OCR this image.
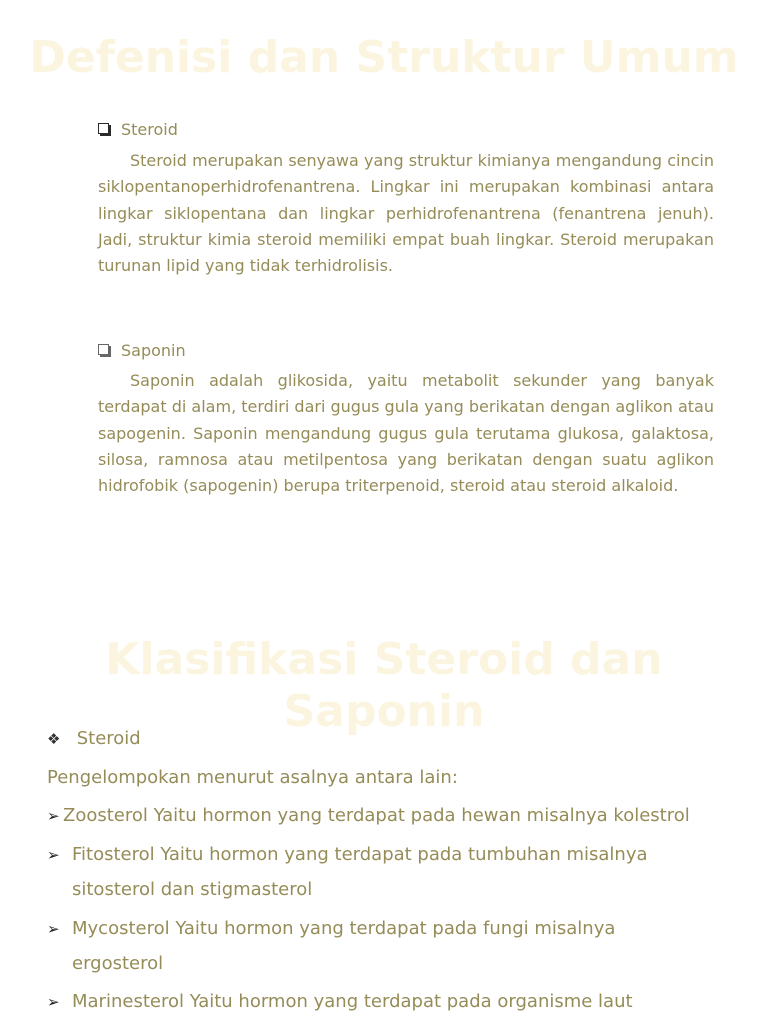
Defenisi dan Struktur Umum
Steroid

Steroid merupakan senyawa yang struktur kimianya mengandung cincin siklopentanoperhidrofenantrena. Lingkar ini merupakan kombinasi antara lingkar siklopentana dan lingkar perhidrofenantrena (fenantrena jenuh). Jadi, struktur kimia steroid memiliki empat buah lingkar. Steroid merupakan turunan lipid yang tidak terhidrolisis.

Saponin

Saponin adalah glikosida, yaitu metabolit sekunder yang banyak terdapat di alam, terdiri dari gugus gula yang berikatan dengan aglikon atau sapogenin. Saponin mengandung gugus gula terutama glukosa, galaktosa, silosa, ramnosa atau metilpentosa yang berikatan dengan suatu aglikon hidrofobik (sapogenin) berupa triterpenoid, steroid atau steroid alkaloid.

Klasifikasi Steroid dan Saponin
❖ Steroid
Pengelompokan menurut asalnya antara lain:
➢ Zoosterol Yaitu hormon yang terdapat pada hewan misalnya kolestrol
➢ Fitosterol Yaitu hormon yang terdapat pada tumbuhan misalnya
sitosterol dan stigmasterol
➢ Mycosterol Yaitu hormon yang terdapat pada fungi misalnya
ergosterol
➢ Marinesterol Yaitu hormon yang terdapat pada organisme laut
